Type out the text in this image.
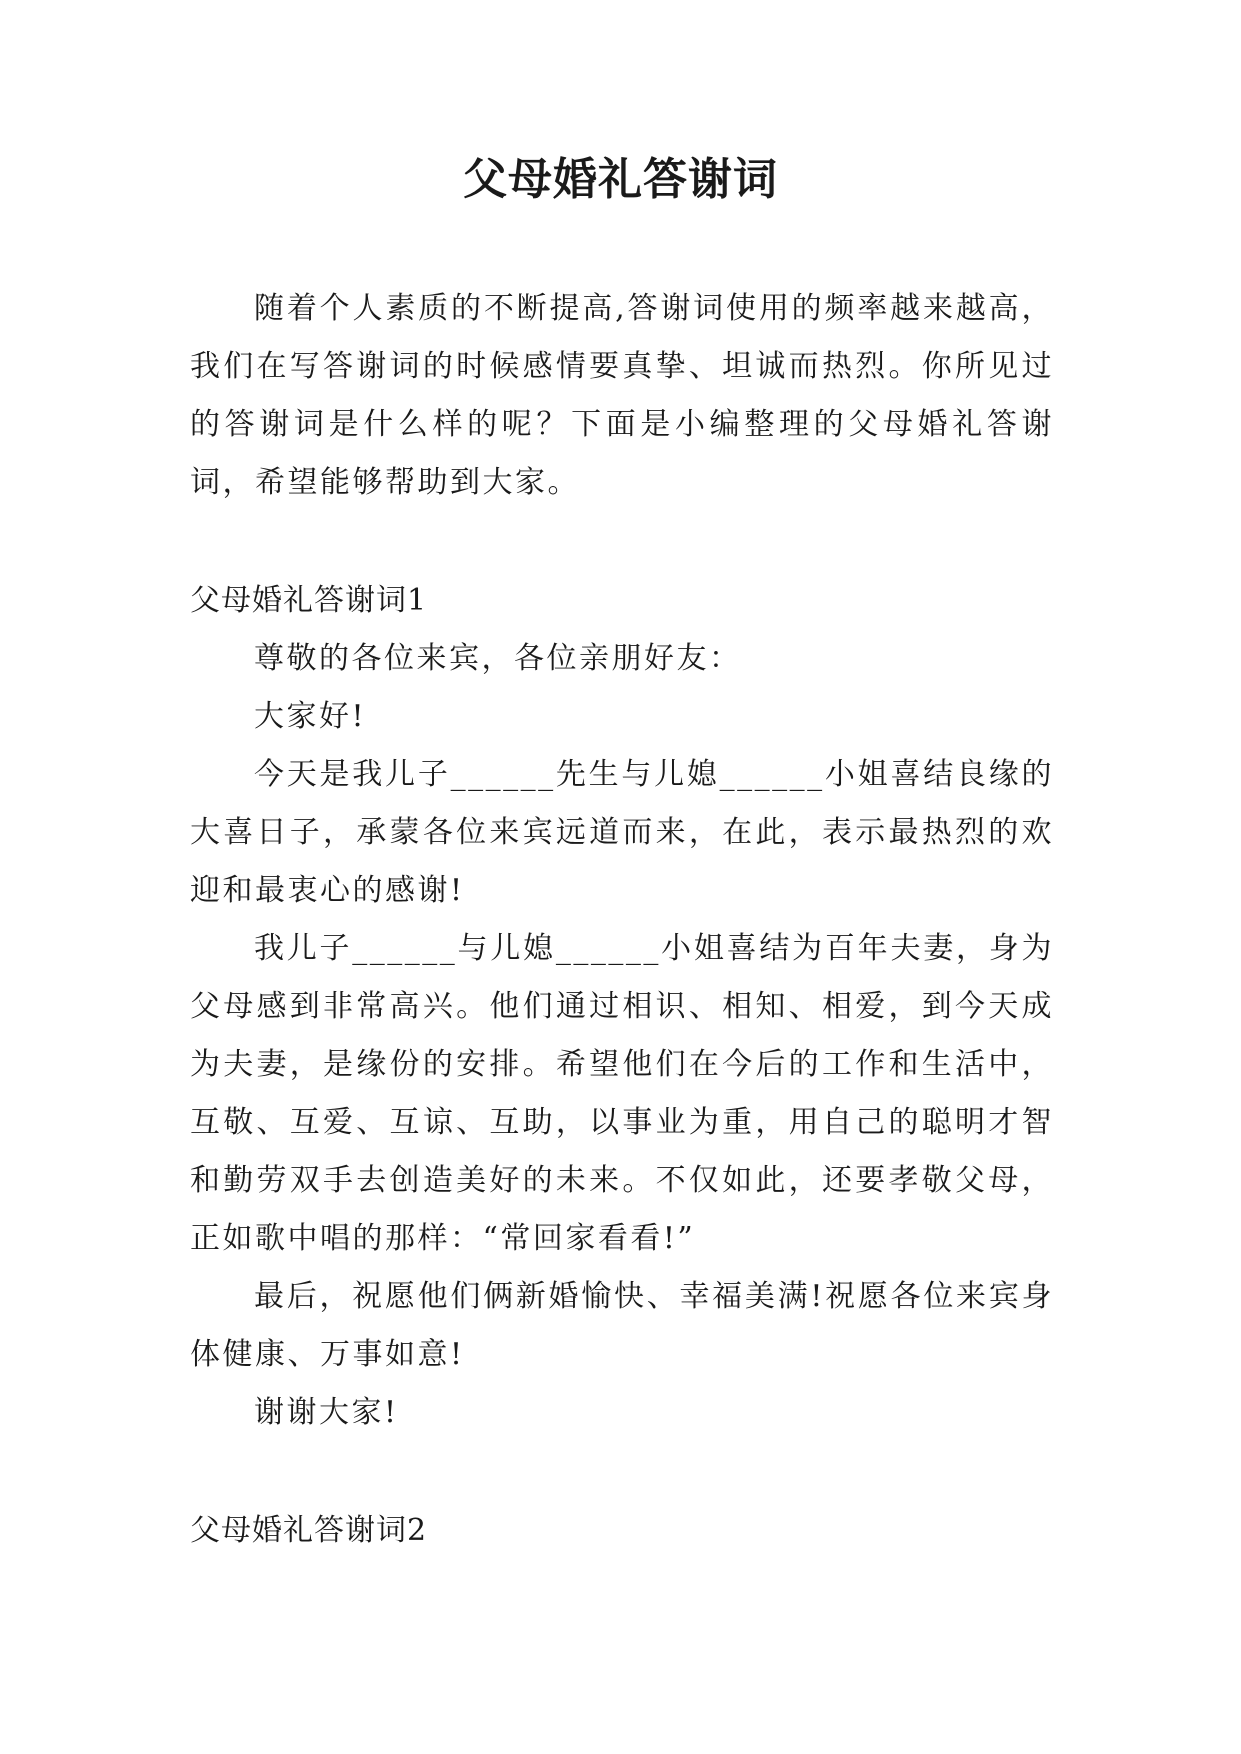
父母婚礼答谢词

随着个人素质的不断提高,答谢词使用的频率越来越高，我们在写答谢词的时候感情要真挚、坦诚而热烈。你所见过的答谢词是什么样的呢？下面是小编整理的父母婚礼答谢词，希望能够帮助到大家。

父母婚礼答谢词1

尊敬的各位来宾，各位亲朋好友：

大家好!

今天是我儿子______先生与儿媳______小姐喜结良缘的大喜日子，承蒙各位来宾远道而来，在此，表示最热烈的欢迎和最衷心的感谢!

我儿子______与儿媳______小姐喜结为百年夫妻，身为父母感到非常高兴。他们通过相识、相知、相爱，到今天成为夫妻，是缘份的安排。希望他们在今后的工作和生活中，互敬、互爱、互谅、互助，以事业为重，用自己的聪明才智和勤劳双手去创造美好的未来。不仅如此，还要孝敬父母，正如歌中唱的那样：“常回家看看!”

最后，祝愿他们俩新婚愉快、幸福美满!祝愿各位来宾身体健康、万事如意!

谢谢大家!

父母婚礼答谢词2
